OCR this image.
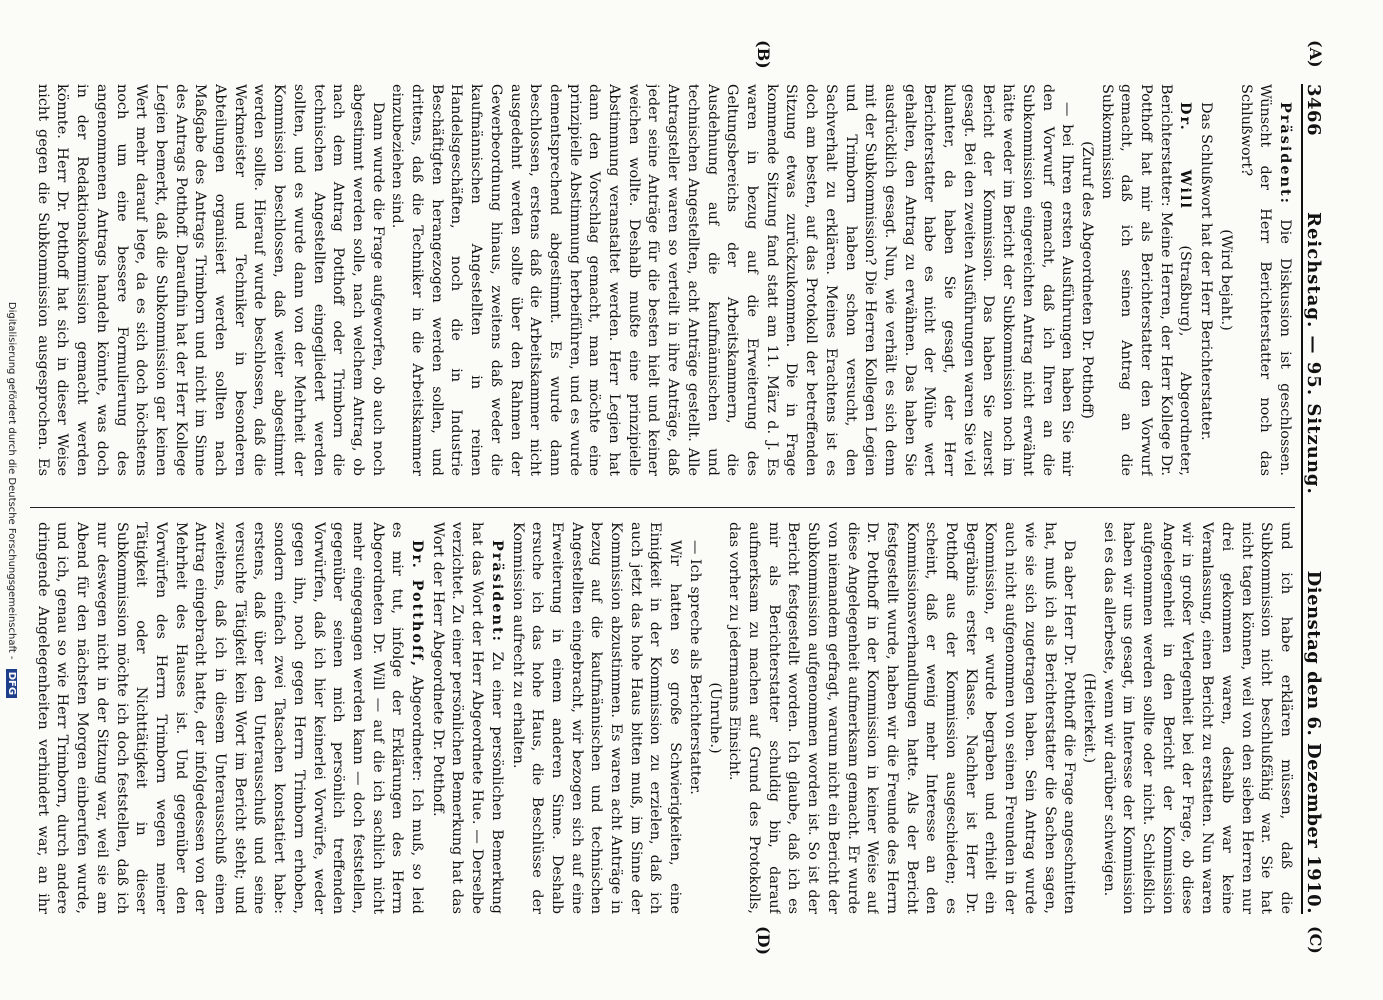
3466
Reichstag. — 95. Sitzung.
Dienstag den 6. Dezember 1910.
(A)
(B)
(C)
(D)

Präsident: Die Diskussion ist geschlossen. Wünscht der Herr Berichterstatter noch das Schlußwort?

(Wird bejaht.)

Das Schlußwort hat der Herr Berichterstatter.

Dr. Will (Straßburg), Abgeordneter, Berichterstatter: Meine Herren, der Herr Kollege Dr. Potthoff hat mir als Berichterstatter den Vorwurf gemacht, daß ich seinen Antrag an die Subkommission

(Zuruf des Abgeordneten Dr. Potthoff)

— bei Ihren ersten Ausführungen haben Sie mir den Vorwurf gemacht, daß ich Ihren an die Subkommission eingereichten Antrag nicht erwähnt hätte weder im Bericht der Subkommission noch im Bericht der Kommission. Das haben Sie zuerst gesagt. Bei den zweiten Ausführungen waren Sie viel kulanter, da haben Sie gesagt, der Herr Berichterstatter habe es nicht der Mühe wert gehalten, den Antrag zu erwähnen. Das haben Sie ausdrücklich gesagt. Nun, wie verhält es sich denn mit der Subkommission? Die Herren Kollegen Legien und Trimborn haben schon versucht, den Sachverhalt zu erklären. Meines Erachtens ist es doch am besten, auf das Protokoll der betreffenden Sitzung etwas zurückzukommen. Die in Frage kommende Sitzung fand statt am 11. März d. J. Es waren in bezug auf die Erweiterung des Geltungsbereichs der Arbeitskammern, die Ausdehnung auf die kaufmännischen und technischen Angestellten, acht Anträge gestellt. Alle Antragsteller waren so verteilt in ihre Anträge, daß jeder seine Anträge für die besten hielt und keiner weichen wollte. Deshalb mußte eine prinzipielle Abstimmung veranstaltet werden. Herr Legien hat dann den Vorschlag gemacht, man möchte eine prinzipielle Abstimmung herbeiführen, und es wurde dementsprechend abgestimmt. Es wurde dann beschlossen, erstens daß die Arbeitskammer nicht ausgedehnt werden sollte über den Rahmen der Gewerbeordnung hinaus, zweitens daß weder die kaufmännischen Angestellten in reinen Handelsgeschäften, noch die in Industrie Beschäftigten herangezogen werden sollen, und drittens, daß die Techniker in die Arbeitskammer einzubeziehen sind.

Dann wurde die Frage aufgeworfen, ob auch noch abgestimmt werden solle, nach welchem Antrag, ob nach dem Antrag Potthoff oder Trimborn die technischen Angestellten eingegliedert werden sollten, und es wurde dann von der Mehrheit der Kommission beschlossen, daß weiter abgestimmt werden sollte. Hierauf wurde beschlossen, daß die Werkmeister und Techniker in besonderen Abteilungen organisiert werden sollten nach Maßgabe des Antrags Trimborn und nicht im Sinne des Antrags Potthoff. Daraufhin hat der Herr Kollege Legien bemerkt, daß die Subkommission gar keinen Wert mehr darauf lege, da es sich doch höchstens noch um eine bessere Formulierung des angenommenen Antrags handeln könnte, was doch in der Redaktionskommission gemacht werden könnte. Herr Dr. Potthoff hat sich in dieser Weise nicht gegen die Subkommission ausgesprochen. Es

und ich habe erklären müssen, daß die Subkommission nicht beschlußfähig war. Sie hat nicht tagen können, weil von den sieben Herren nur drei gekommen waren, deshalb war keine Veranlassung, einen Bericht zu erstatten. Nun waren wir in großer Verlegenheit bei der Frage, ob diese Angelegenheit in den Bericht der Kommission aufgenommen werden sollte oder nicht. Schließlich haben wir uns gesagt, im Interesse der Kommission sei es das allerbeste, wenn wir darüber schweigen.

(Heiterkeit.)

Da aber Herr Dr. Potthoff die Frage angeschnitten hat, muß ich als Berichterstatter die Sachen sagen, wie sie sich zugetragen haben. Sein Antrag wurde auch nicht aufgenommen von seinen Freunden in der Kommission, er wurde begraben und erhielt ein Begräbnis erster Klasse. Nachher ist Herr Dr. Potthoff aus der Kommission ausgeschieden; es scheint, daß er wenig mehr Interesse an den Kommissionsverhandlungen hatte. Als der Bericht festgestellt wurde, haben wir die Freunde des Herrn Dr. Potthoff in der Kommission in keiner Weise auf diese Angelegenheit aufmerksam gemacht. Er wurde von niemandem gefragt, warum nicht ein Bericht der Subkommission aufgenommen worden ist. So ist der Bericht festgestellt worden. Ich glaube, daß ich es mir als Berichterstatter schuldig bin, darauf aufmerksam zu machen auf Grund des Protokolls, das vorher zu jedermanns Einsicht.

(Unruhe.)

— Ich spreche als Berichterstatter.

Wir hatten so große Schwierigkeiten, eine Einigkeit in der Kommission zu erzielen, daß ich auch jetzt das hohe Haus bitten muß, im Sinne der Kommission abzustimmen. Es waren acht Anträge in bezug auf die kaufmännischen und technischen Angestellten eingebracht, wir bezogen sich auf eine Erweiterung in einem anderen Sinne. Deshalb ersuche ich das hohe Haus, die Beschlüsse der Kommission aufrecht zu erhalten.

Präsident: Zu einer persönlichen Bemerkung hat das Wort der Herr Abgeordnete Hue. — Derselbe verzichtet. Zu einer persönlichen Bemerkung hat das Wort der Herr Abgeordnete Dr. Potthoff.

Dr. Potthoff, Abgeordneter: Ich muß, so leid es mir tut, infolge der Erklärungen des Herrn Abgeordneten Dr. Will — auf die ich sachlich nicht mehr eingegangen werden kann — doch feststellen, gegenüber seinen mich persönlich treffenden Vorwürfen, daß ich hier keinerlei Vorwürfe, weder gegen ihn, noch gegen Herrn Trimborn erhoben, sondern einfach zwei Tatsachen konstatiert habe: erstens, daß über den Unterausschuß und seine versuchte Tätigkeit kein Wort im Bericht steht; und zweitens, daß ich in diesem Unterausschuß einen Antrag eingebracht hatte, der infolgedessen von der Mehrheit des Hauses ist. Und gegenüber den Vorwürfen des Herrn Trimborn wegen meiner Tätigkeit oder Nichttätigkeit in dieser Subkommission möchte ich doch feststellen, daß ich nur deswegen nicht in der Sitzung war, weil sie am Abend für den nächsten Morgen einberufen wurde, und ich, genau so wie Herr Trimborn, durch andere dringende Angelegenheiten verhindert war, an ihr

Digitalisierung gefördert durch die Deutsche Forschungsgemeinschaft - DFG
